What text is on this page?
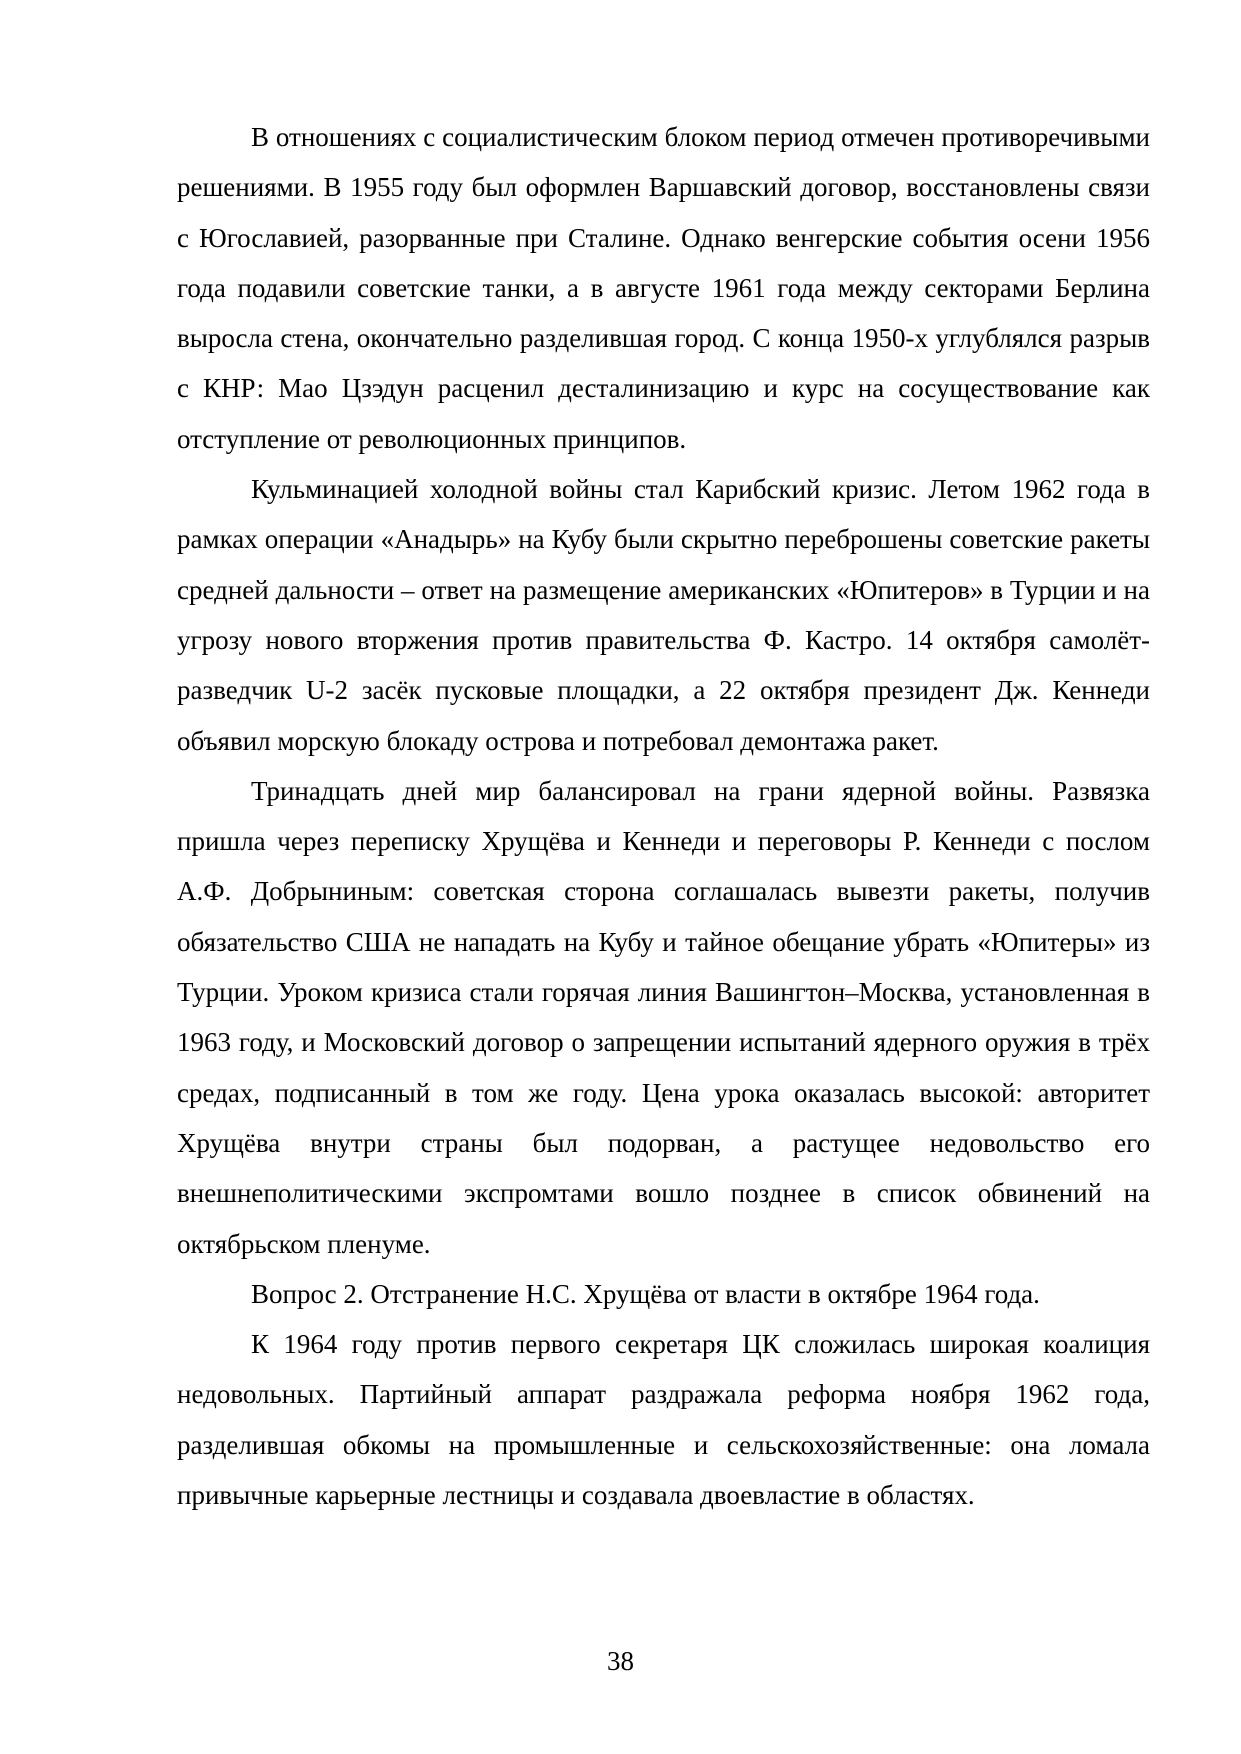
В отношениях с социалистическим блоком период отмечен противоречивыми решениями. В 1955 году был оформлен Варшавский договор, восстановлены связи с Югославией, разорванные при Сталине. Однако венгерские события осени 1956 года подавили советские танки, а в августе 1961 года между секторами Берлина выросла стена, окончательно разделившая город. С конца 1950-х углублялся разрыв с КНР: Мао Цзэдун расценил десталинизацию и курс на сосуществование как отступление от революционных принципов.

Кульминацией холодной войны стал Карибский кризис. Летом 1962 года в рамках операции «Анадырь» на Кубу были скрытно переброшены советские ракеты средней дальности – ответ на размещение американских «Юпитеров» в Турции и на угрозу нового вторжения против правительства Ф. Кастро. 14 октября самолёт-разведчик U-2 засёк пусковые площадки, а 22 октября президент Дж. Кеннеди объявил морскую блокаду острова и потребовал демонтажа ракет.

Тринадцать дней мир балансировал на грани ядерной войны. Развязка пришла через переписку Хрущёва и Кеннеди и переговоры Р. Кеннеди с послом А.Ф. Добрыниным: советская сторона соглашалась вывезти ракеты, получив обязательство США не нападать на Кубу и тайное обещание убрать «Юпитеры» из Турции. Уроком кризиса стали горячая линия Вашингтон–Москва, установленная в 1963 году, и Московский договор о запрещении испытаний ядерного оружия в трёх средах, подписанный в том же году. Цена урока оказалась высокой: авторитет Хрущёва внутри страны был подорван, а растущее недовольство его внешнеполитическими экспромтами вошло позднее в список обвинений на октябрьском пленуме.

Вопрос 2. Отстранение Н.С. Хрущёва от власти в октябре 1964 года.

К 1964 году против первого секретаря ЦК сложилась широкая коалиция недовольных. Партийный аппарат раздражала реформа ноября 1962 года, разделившая обкомы на промышленные и сельскохозяйственные: она ломала привычные карьерные лестницы и создавала двоевластие в областях.

38
